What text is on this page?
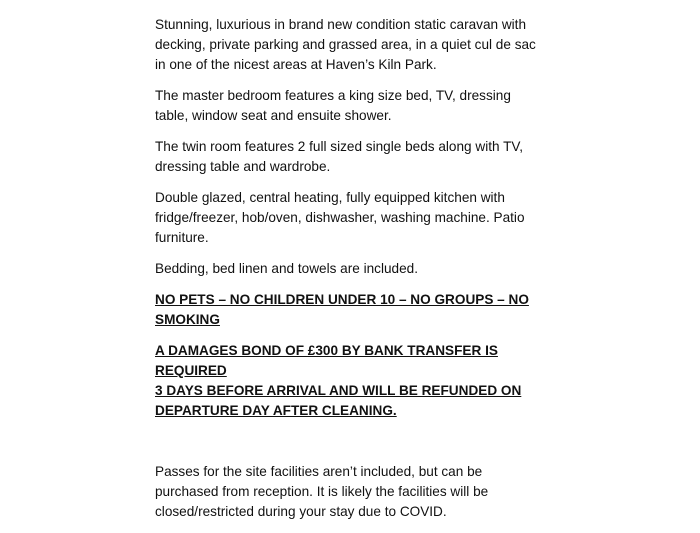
Stunning, luxurious in brand new condition static caravan with
decking, private parking and grassed area, in a quiet cul de sac
in one of the nicest areas at Haven’s Kiln Park.

The master bedroom features a king size bed, TV, dressing
table, window seat and ensuite shower.

The twin room features 2 full sized single beds along with TV,
dressing table and wardrobe.

Double glazed, central heating, fully equipped kitchen with
fridge/freezer, hob/oven, dishwasher, washing machine. Patio
furniture.

Bedding, bed linen and towels are included.

NO PETS – NO CHILDREN UNDER 10 – NO GROUPS – NO
SMOKING

A DAMAGES BOND OF £300 BY BANK TRANSFER IS REQUIRED
3 DAYS BEFORE ARRIVAL AND WILL BE REFUNDED ON
DEPARTURE DAY AFTER CLEANING.

Passes for the site facilities aren’t included, but can be
purchased from reception. It is likely the facilities will be
closed/restricted during your stay due to COVID.
